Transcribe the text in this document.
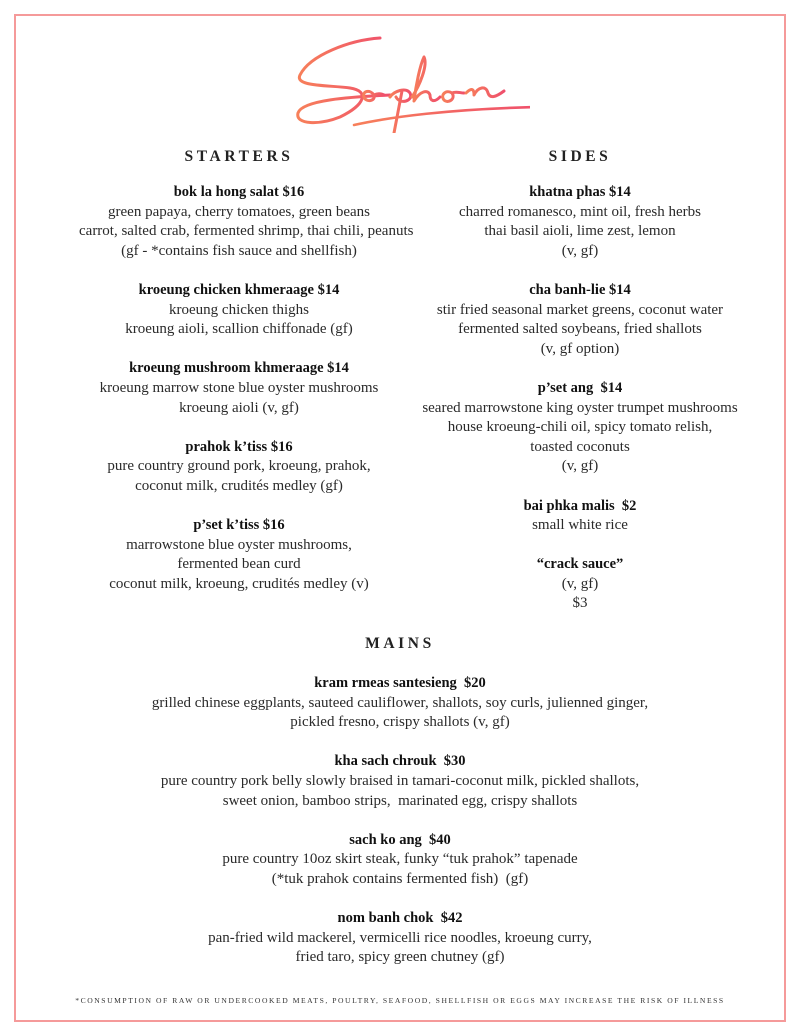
STARTERS	SIDES
MAINS
bok la hong salat $16
green papaya, cherry tomatoes, green beans
carrot, salted crab, fermented shrimp, thai chili, peanuts
(gf - *contains fish sauce and shellfish)
kroeung chicken khmeraage $14
kroeung chicken thighs
kroeung aioli, scallion chiffonade (gf)
kroeung mushroom khmeraage $14
kroeung marrow stone blue oyster mushrooms
kroeung aioli (v, gf)
prahok k’tiss $16
pure country ground pork, kroeung, prahok,
coconut milk, crudités medley (gf)
p’set k’tiss $16
marrowstone blue oyster mushrooms,
fermented bean curd
coconut milk, kroeung, crudités medley (v)
khatna phas $14
charred romanesco, mint oil, fresh herbs
thai basil aioli, lime zest, lemon
(v, gf)
cha banh-lie $14
stir fried seasonal market greens, coconut water
fermented salted soybeans, fried shallots
(v, gf option)
p’set ang  $14
seared marrowstone king oyster trumpet mushrooms
house kroeung-chili oil, spicy tomato relish,
toasted coconuts
(v, gf)
bai phka malis  $2
small white rice
“crack sauce”
(v, gf)
$3
kram rmeas santesieng  $20
grilled chinese eggplants, sauteed cauliflower, shallots, soy curls, julienned ginger,
pickled fresno, crispy shallots (v, gf)
kha sach chrouk  $30
pure country pork belly slowly braised in tamari-coconut milk, pickled shallots,
sweet onion, bamboo strips,  marinated egg, crispy shallots
sach ko ang  $40
pure country 10oz skirt steak, funky “tuk prahok” tapenade
(*tuk prahok contains fermented fish)  (gf)
nom banh chok  $42
pan-fried wild mackerel, vermicelli rice noodles, kroeung curry,
fried taro, spicy green chutney (gf)
*CONSUMPTION OF RAW OR UNDERCOOKED MEATS, POULTRY, SEAFOOD, SHELLFISH OR EGGS MAY INCREASE THE RISK OF ILLNESS
